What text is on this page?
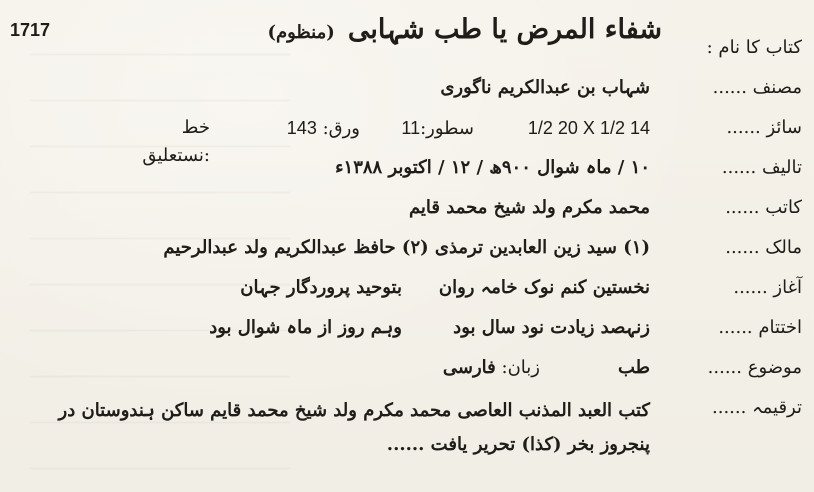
1717	شفاء المرض یا طب شہابی (منظوم)
کتاب کا نام :
مصنف ......
شہاب بن عبدالکریم ناگوری
سائز ......
1/2 20 X 1/2 14
سطور:11
ورق: 143
خط :نستعلیق
تالیف ......
۱۰ / ماہ شوال ۹۰۰ھ / ۱۲ / اکتوبر ۱۳۸۸ء
کاتب ......
محمد مکرم ولد شیخ محمد قایم
مالک ......
(۱) سید زین العابدین ترمذی (۲) حافظ عبدالکریم ولد عبدالرحیم
آغاز ......
نخستین کنم نوک خامہ روان
بتوحید پروردگار جہان
اختتام ......
زنہصد زیادت نود سال بود
وہم روز از ماہ شوال بود
موضوع ......
طب
زبان: فارسی
ترقیمہ ......
کتب العبد المذنب العاصی محمد مکرم ولد شیخ محمد قایم ساکن ہندوستان در پنجروز بخر (کذا) تحریر یافت ......
